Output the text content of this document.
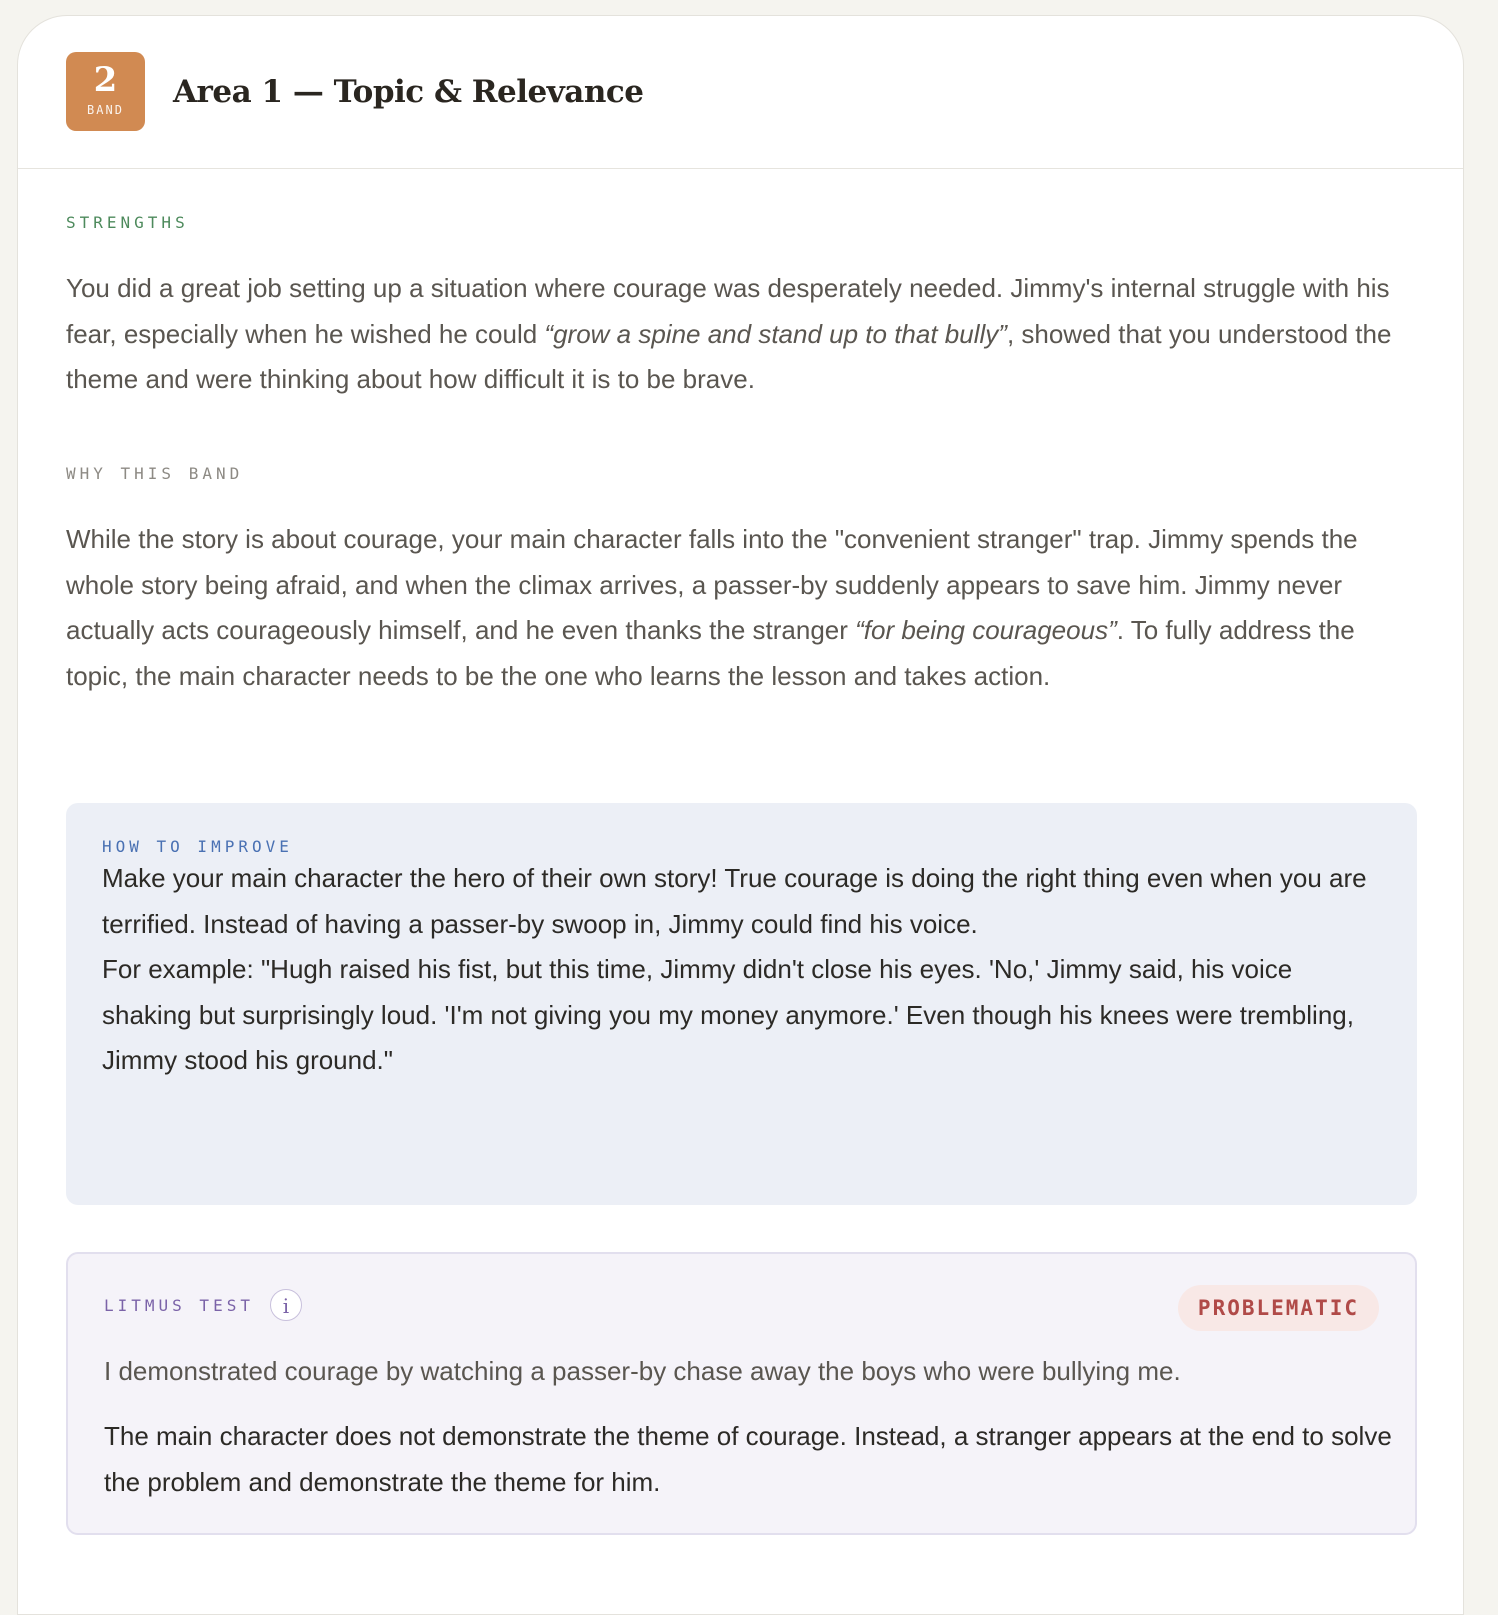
2
BAND	Area 1 — Topic & Relevance

STRENGTHS

You did a great job setting up a situation where courage was desperately needed. Jimmy's internal struggle with his fear, especially when he wished he could “grow a spine and stand up to that bully”, showed that you understood the theme and were thinking about how difficult it is to be brave.

WHY THIS BAND

While the story is about courage, your main character falls into the "convenient stranger" trap. Jimmy spends the whole story being afraid, and when the climax arrives, a passer-by suddenly appears to save him. Jimmy never actually acts courageously himself, and he even thanks the stranger “for being courageous”. To fully address the topic, the main character needs to be the one who learns the lesson and takes action.

HOW TO IMPROVE

Make your main character the hero of their own story! True courage is doing the right thing even when you are terrified. Instead of having a passer-by swoop in, Jimmy could find his voice.

For example: "Hugh raised his fist, but this time, Jimmy didn't close his eyes. 'No,' Jimmy said, his voice shaking but surprisingly loud. 'I'm not giving you my money anymore.' Even though his knees were trembling, Jimmy stood his ground."

LITMUS TEST	i	PROBLEMATIC

I demonstrated courage by watching a passer-by chase away the boys who were bullying me.

The main character does not demonstrate the theme of courage. Instead, a stranger appears at the end to solve the problem and demonstrate the theme for him.
